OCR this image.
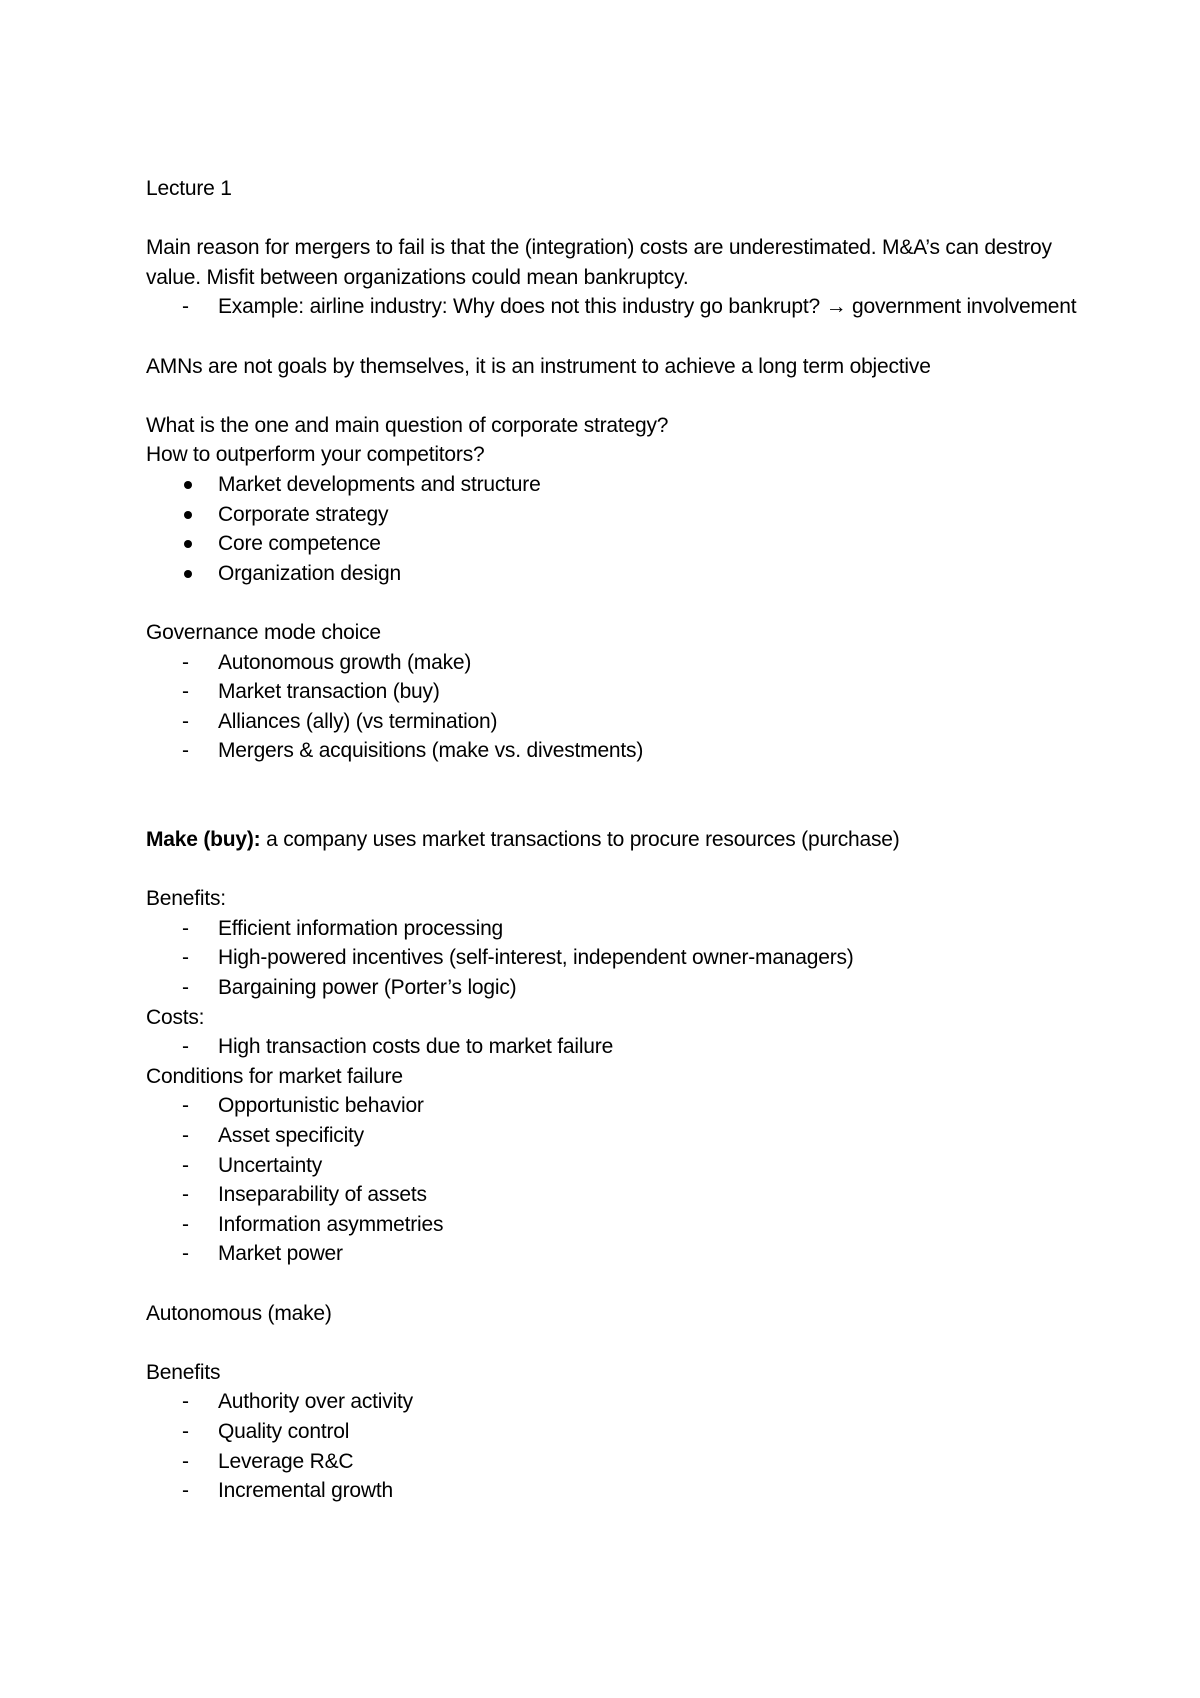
Lecture 1

Main reason for mergers to fail is that the (integration) costs are underestimated. M&A’s can destroy value. Misfit between organizations could mean bankruptcy.

-	Example: airline industry: Why does not this industry go bankrupt? → government involvement

AMNs are not goals by themselves, it is an instrument to achieve a long term objective

What is the one and main question of corporate strategy?

How to outperform your competitors?

Market developments and structure

Corporate strategy

Core competence

Organization design

Governance mode choice

-	Autonomous growth (make)

-	Market transaction (buy)

-	Alliances (ally) (vs termination)

-	Mergers & acquisitions (make vs. divestments)

Make (buy): a company uses market transactions to procure resources (purchase)

Benefits:

-	Efficient information processing

-	High-powered incentives (self-interest, independent owner-managers)

-	Bargaining power (Porter’s logic)

Costs:

-	High transaction costs due to market failure

Conditions for market failure

-	Opportunistic behavior

-	Asset specificity

-	Uncertainty

-	Inseparability of assets

-	Information asymmetries

-	Market power

Autonomous (make)

Benefits

-	Authority over activity

-	Quality control

-	Leverage R&C

-	Incremental growth
